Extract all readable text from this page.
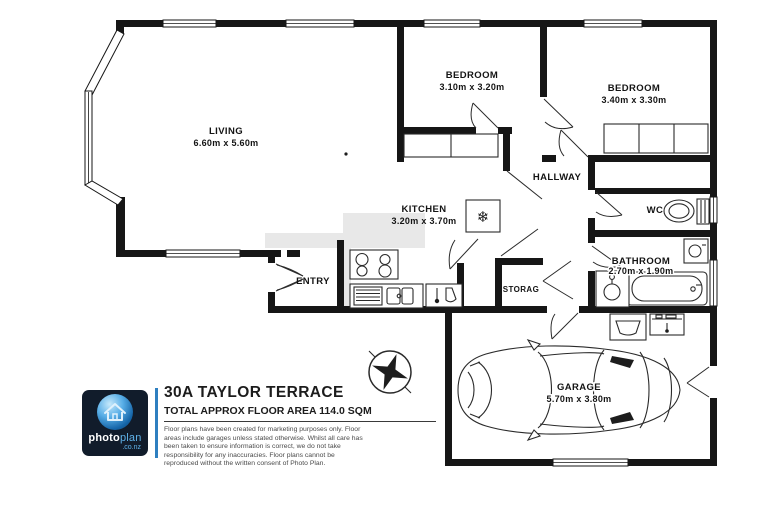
❄
LIVING
6.60m x 5.60m
BEDROOM
3.10m x 3.20m	BEDROOM
3.40m x 3.30m
KITCHEN
3.20m x 3.70m
HALLWAY
WC
ENTRY
STORAG
BATHROOM
2.70m x 1.90m
GARAGE
5.70m x 3.80m
photoplan
.co.nz
30A TAYLOR TERRACE
TOTAL APPROX FLOOR AREA 114.0 SQM
Floor plans have been created for marketing purposes only. Floor
areas include garages unless stated otherwise. Whilst all care has
been taken to ensure information is correct, we do not take
responsibility for any inaccuracies. Floor plans cannot be
reproduced without the written consent of Photo Plan.
